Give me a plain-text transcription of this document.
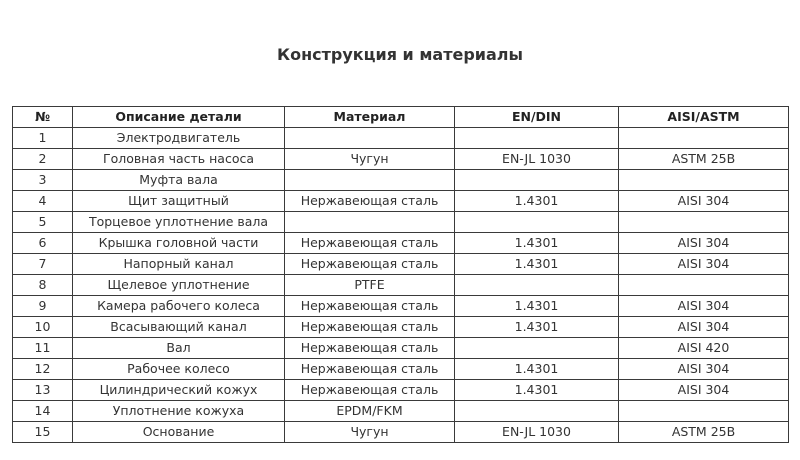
Конструкция и материалы
№	Описание детали	Материал	EN/DIN	AISI/ASTM
1	Электродвигатель			
2	Головная часть насоса	Чугун	EN-JL 1030	ASTM 25B
3	Муфта вала			
4	Щит защитный	Нержавеющая сталь	1.4301	AISI 304
5	Торцевое уплотнение вала			
6	Крышка головной части	Нержавеющая сталь	1.4301	AISI 304
7	Напорный канал	Нержавеющая сталь	1.4301	AISI 304
8	Щелевое уплотнение	PTFE		
9	Камера рабочего колеса	Нержавеющая сталь	1.4301	AISI 304
10	Всасывающий канал	Нержавеющая сталь	1.4301	AISI 304
11	Вал	Нержавеющая сталь		AISI 420
12	Рабочее колесо	Нержавеющая сталь	1.4301	AISI 304
13	Цилиндрический кожух	Нержавеющая сталь	1.4301	AISI 304
14	Уплотнение кожуха	EPDM/FKM		
15	Основание	Чугун	EN-JL 1030	ASTM 25B
